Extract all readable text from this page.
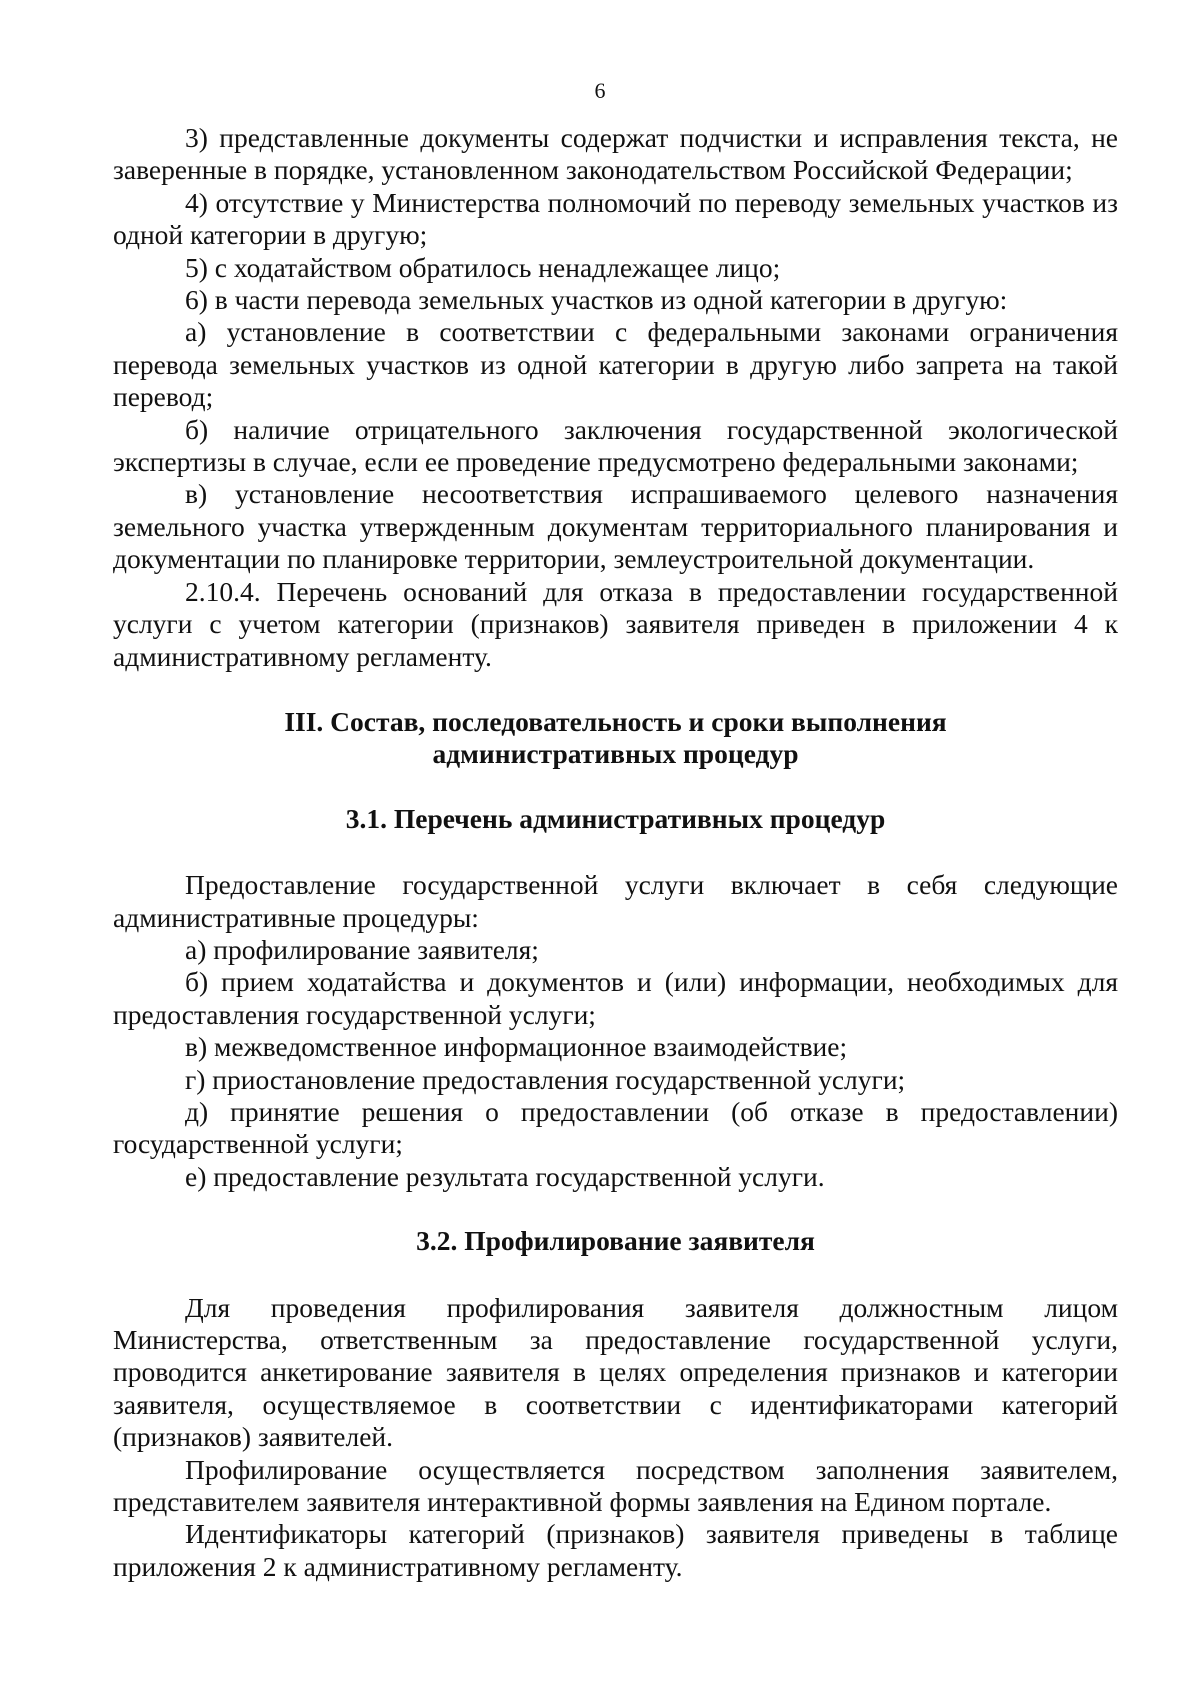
6

3) представленные документы содержат подчистки и исправления текста, не заверенные в порядке, установленном законодательством Российской Федерации;

4) отсутствие у Министерства полномочий по переводу земельных участков из одной категории в другую;

5) с ходатайством обратилось ненадлежащее лицо;

6) в части перевода земельных участков из одной категории в другую:

а) установление в соответствии с федеральными законами ограничения перевода земельных участков из одной категории в другую либо запрета на такой перевод;

б) наличие отрицательного заключения государственной экологической экспертизы в случае, если ее проведение предусмотрено федеральными законами;

в) установление несоответствия испрашиваемого целевого назначения земельного участка утвержденным документам территориального планирования и документации по планировке территории, землеустроительной документации.

2.10.4. Перечень оснований для отказа в предоставлении государственной услуги с учетом категории (признаков) заявителя приведен в приложении 4 к административному регламенту.

III. Состав, последовательность и сроки выполнения

административных процедур

3.1. Перечень административных процедур

Предоставление государственной услуги включает в себя следующие административные процедуры:

а) профилирование заявителя;

б) прием ходатайства и документов и (или) информации, необходимых для предоставления государственной услуги;

в) межведомственное информационное взаимодействие;

г) приостановление предоставления государственной услуги;

д) принятие решения о предоставлении (об отказе в предоставлении) государственной услуги;

е) предоставление результата государственной услуги.

3.2. Профилирование заявителя

Для проведения профилирования заявителя должностным лицом Министерства, ответственным за предоставление государственной услуги, проводится анкетирование заявителя в целях определения признаков и категории заявителя, осуществляемое в соответствии с идентификаторами категорий (признаков) заявителей.

Профилирование осуществляется посредством заполнения заявителем, представителем заявителя интерактивной формы заявления на Едином портале.

Идентификаторы категорий (признаков) заявителя приведены в таблице приложения 2 к административному регламенту.
